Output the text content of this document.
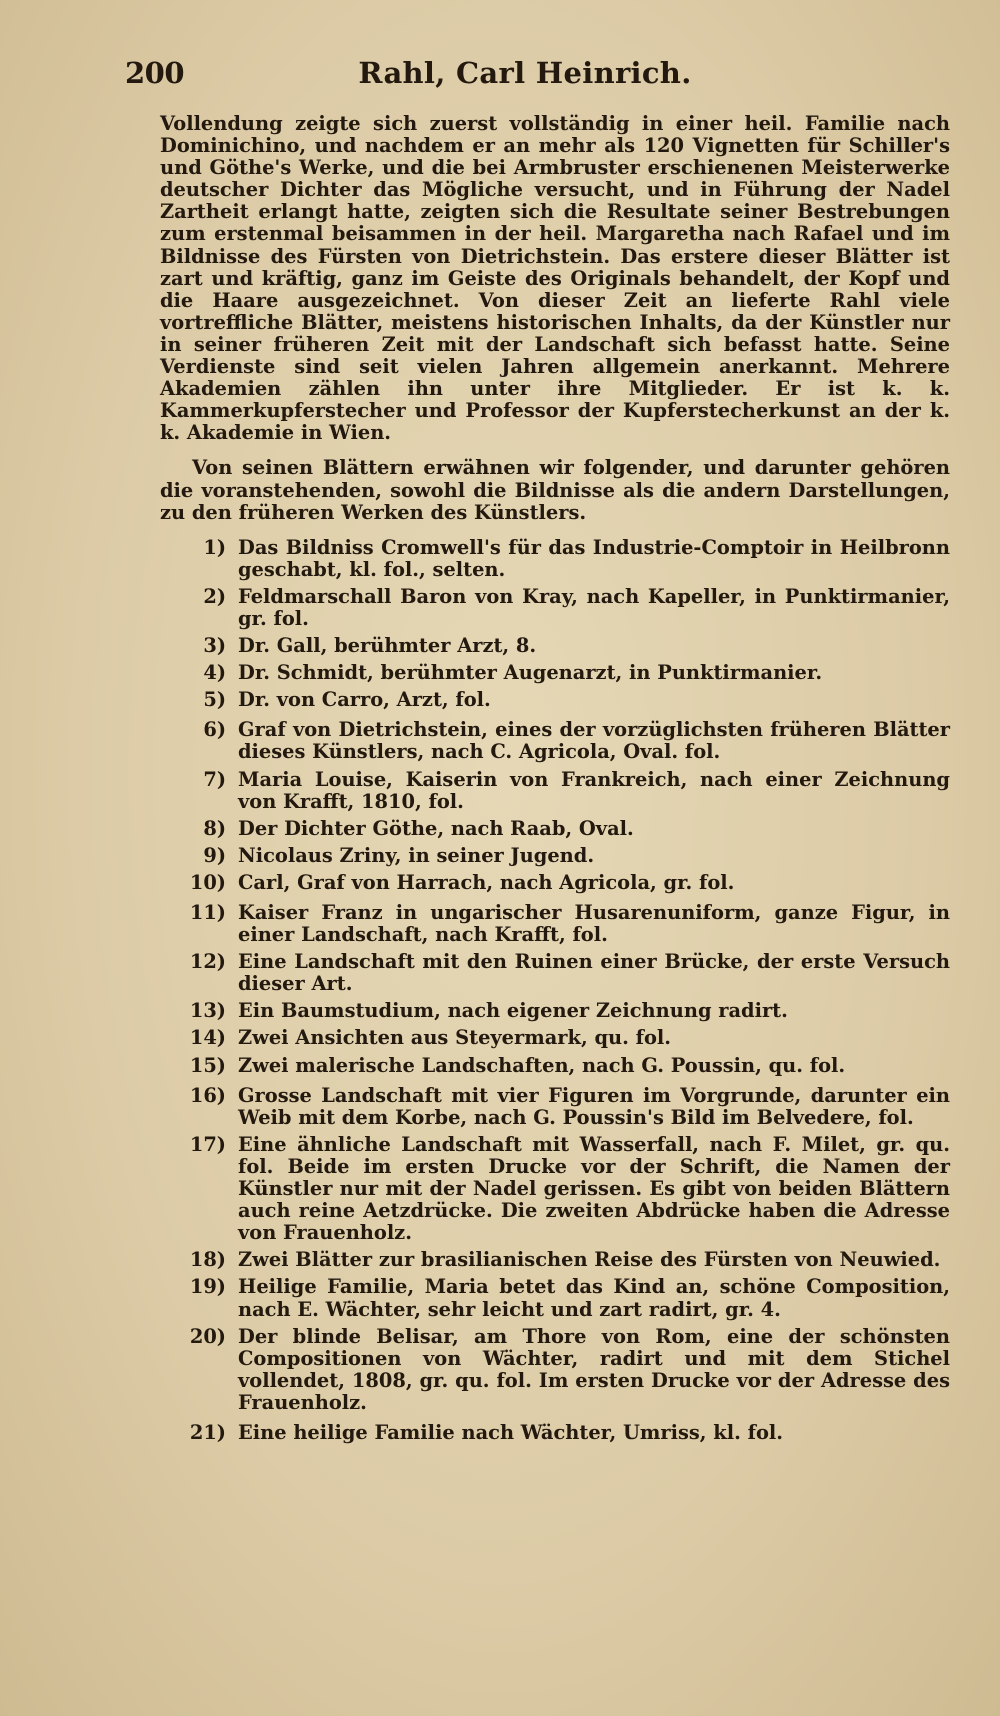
200	Rahl, Carl Heinrich.

Vollendung zeigte sich zuerst vollständig in einer heil. Familie nach Dominichino, und nachdem er an mehr als 120 Vignetten für Schiller's und Göthe's Werke, und die bei Armbruster erschienenen Meisterwerke deutscher Dichter das Mögliche versucht, und in Führung der Nadel Zartheit erlangt hatte, zeigten sich die Resultate seiner Bestrebungen zum erstenmal beisammen in der heil. Margaretha nach Rafael und im Bildnisse des Fürsten von Dietrichstein. Das erstere dieser Blätter ist zart und kräftig, ganz im Geiste des Originals behandelt, der Kopf und die Haare ausgezeichnet. Von dieser Zeit an lieferte Rahl viele vortreffliche Blätter, meistens historischen Inhalts, da der Künstler nur in seiner früheren Zeit mit der Landschaft sich befasst hatte. Seine Verdienste sind seit vielen Jahren allgemein anerkannt. Mehrere Akademien zählen ihn unter ihre Mitglieder. Er ist k. k. Kammerkupferstecher und Professor der Kupferstecherkunst an der k. k. Akademie in Wien.

Von seinen Blättern erwähnen wir folgender, und darunter gehören die voranstehenden, sowohl die Bildnisse als die andern Darstellungen, zu den früheren Werken des Künstlers.

1) Das Bildniss Cromwell's für das Industrie-Comptoir in Heilbronn geschabt, kl. fol., selten.
2) Feldmarschall Baron von Kray, nach Kapeller, in Punktirmanier, gr. fol.
3) Dr. Gall, berühmter Arzt, 8.
4) Dr. Schmidt, berühmter Augenarzt, in Punktirmanier.
5) Dr. von Carro, Arzt, fol.
6) Graf von Dietrichstein, eines der vorzüglichsten früheren Blätter dieses Künstlers, nach C. Agricola, Oval. fol.
7) Maria Louise, Kaiserin von Frankreich, nach einer Zeichnung von Krafft, 1810, fol.
8) Der Dichter Göthe, nach Raab, Oval.
9) Nicolaus Zriny, in seiner Jugend.
10) Carl, Graf von Harrach, nach Agricola, gr. fol.
11) Kaiser Franz in ungarischer Husarenuniform, ganze Figur, in einer Landschaft, nach Krafft, fol.
12) Eine Landschaft mit den Ruinen einer Brücke, der erste Versuch dieser Art.
13) Ein Baumstudium, nach eigener Zeichnung radirt.
14) Zwei Ansichten aus Steyermark, qu. fol.
15) Zwei malerische Landschaften, nach G. Poussin, qu. fol.
16) Grosse Landschaft mit vier Figuren im Vorgrunde, darunter ein Weib mit dem Korbe, nach G. Poussin's Bild im Belvedere, fol.
17) Eine ähnliche Landschaft mit Wasserfall, nach F. Milet, gr. qu. fol. Beide im ersten Drucke vor der Schrift, die Namen der Künstler nur mit der Nadel gerissen. Es gibt von beiden Blättern auch reine Aetzdrücke. Die zweiten Abdrücke haben die Adresse von Frauenholz.
18) Zwei Blätter zur brasilianischen Reise des Fürsten von Neuwied.
19) Heilige Familie, Maria betet das Kind an, schöne Composition, nach E. Wächter, sehr leicht und zart radirt, gr. 4.
20) Der blinde Belisar, am Thore von Rom, eine der schönsten Compositionen von Wächter, radirt und mit dem Stichel vollendet, 1808, gr. qu. fol. Im ersten Drucke vor der Adresse des Frauenholz.
21) Eine heilige Familie nach Wächter, Umriss, kl. fol.
